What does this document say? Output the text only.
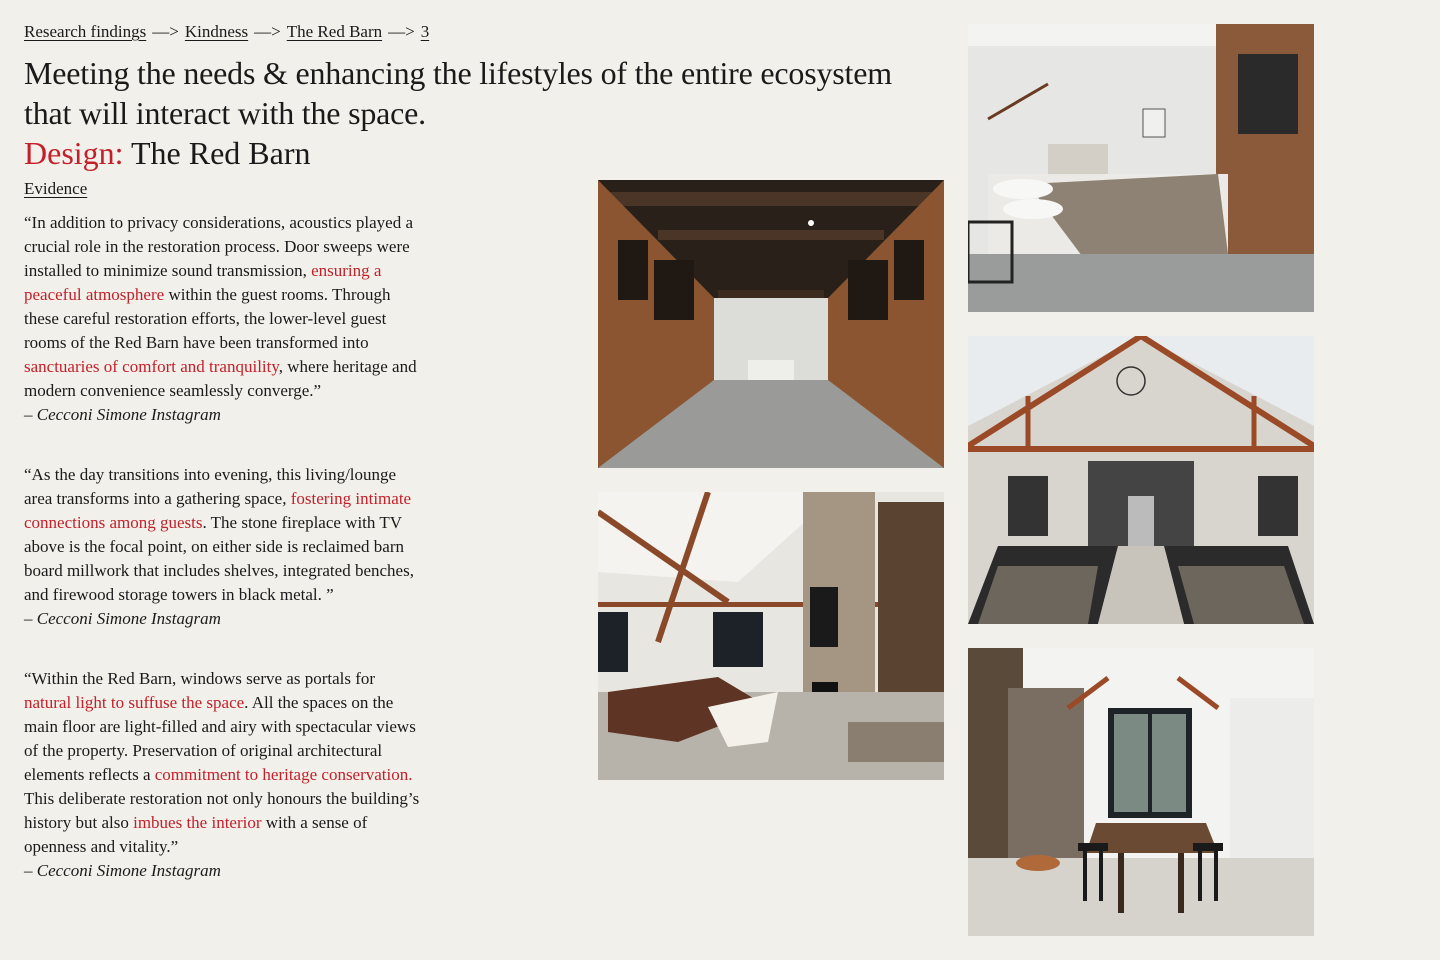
Research findings —> Kindness —> The Red Barn —> 3
Meeting the needs & enhancing the lifestyles of the entire ecosystem
that will interact with the space.
Design: The Red Barn
Evidence

“In addition to privacy considerations, acoustics played a crucial role in the restoration process. Door sweeps were installed to minimize sound transmission, ensuring a peaceful atmosphere within the guest rooms. Through these careful restoration efforts, the lower-level guest rooms of the Red Barn have been transformed into sanctuaries of comfort and tranquility, where heritage and modern convenience seamlessly converge.”
– Cecconi Simone Instagram

“As the day transitions into evening, this living/lounge area transforms into a gathering space, fostering intimate connections among guests. The stone fireplace with TV above is the focal point, on either side is reclaimed barn board millwork that includes shelves, integrated benches, and firewood storage towers in black metal. ”
– Cecconi Simone Instagram

“Within the Red Barn, windows serve as portals for natural light to suffuse the space. All the spaces on the main floor are light-filled and airy with spectacular views of the property. Preservation of original architectural elements reflects a commitment to heritage conservation. This deliberate restoration not only honours the building’s history but also imbues the interior with a sense of openness and vitality.”
– Cecconi Simone Instagram
